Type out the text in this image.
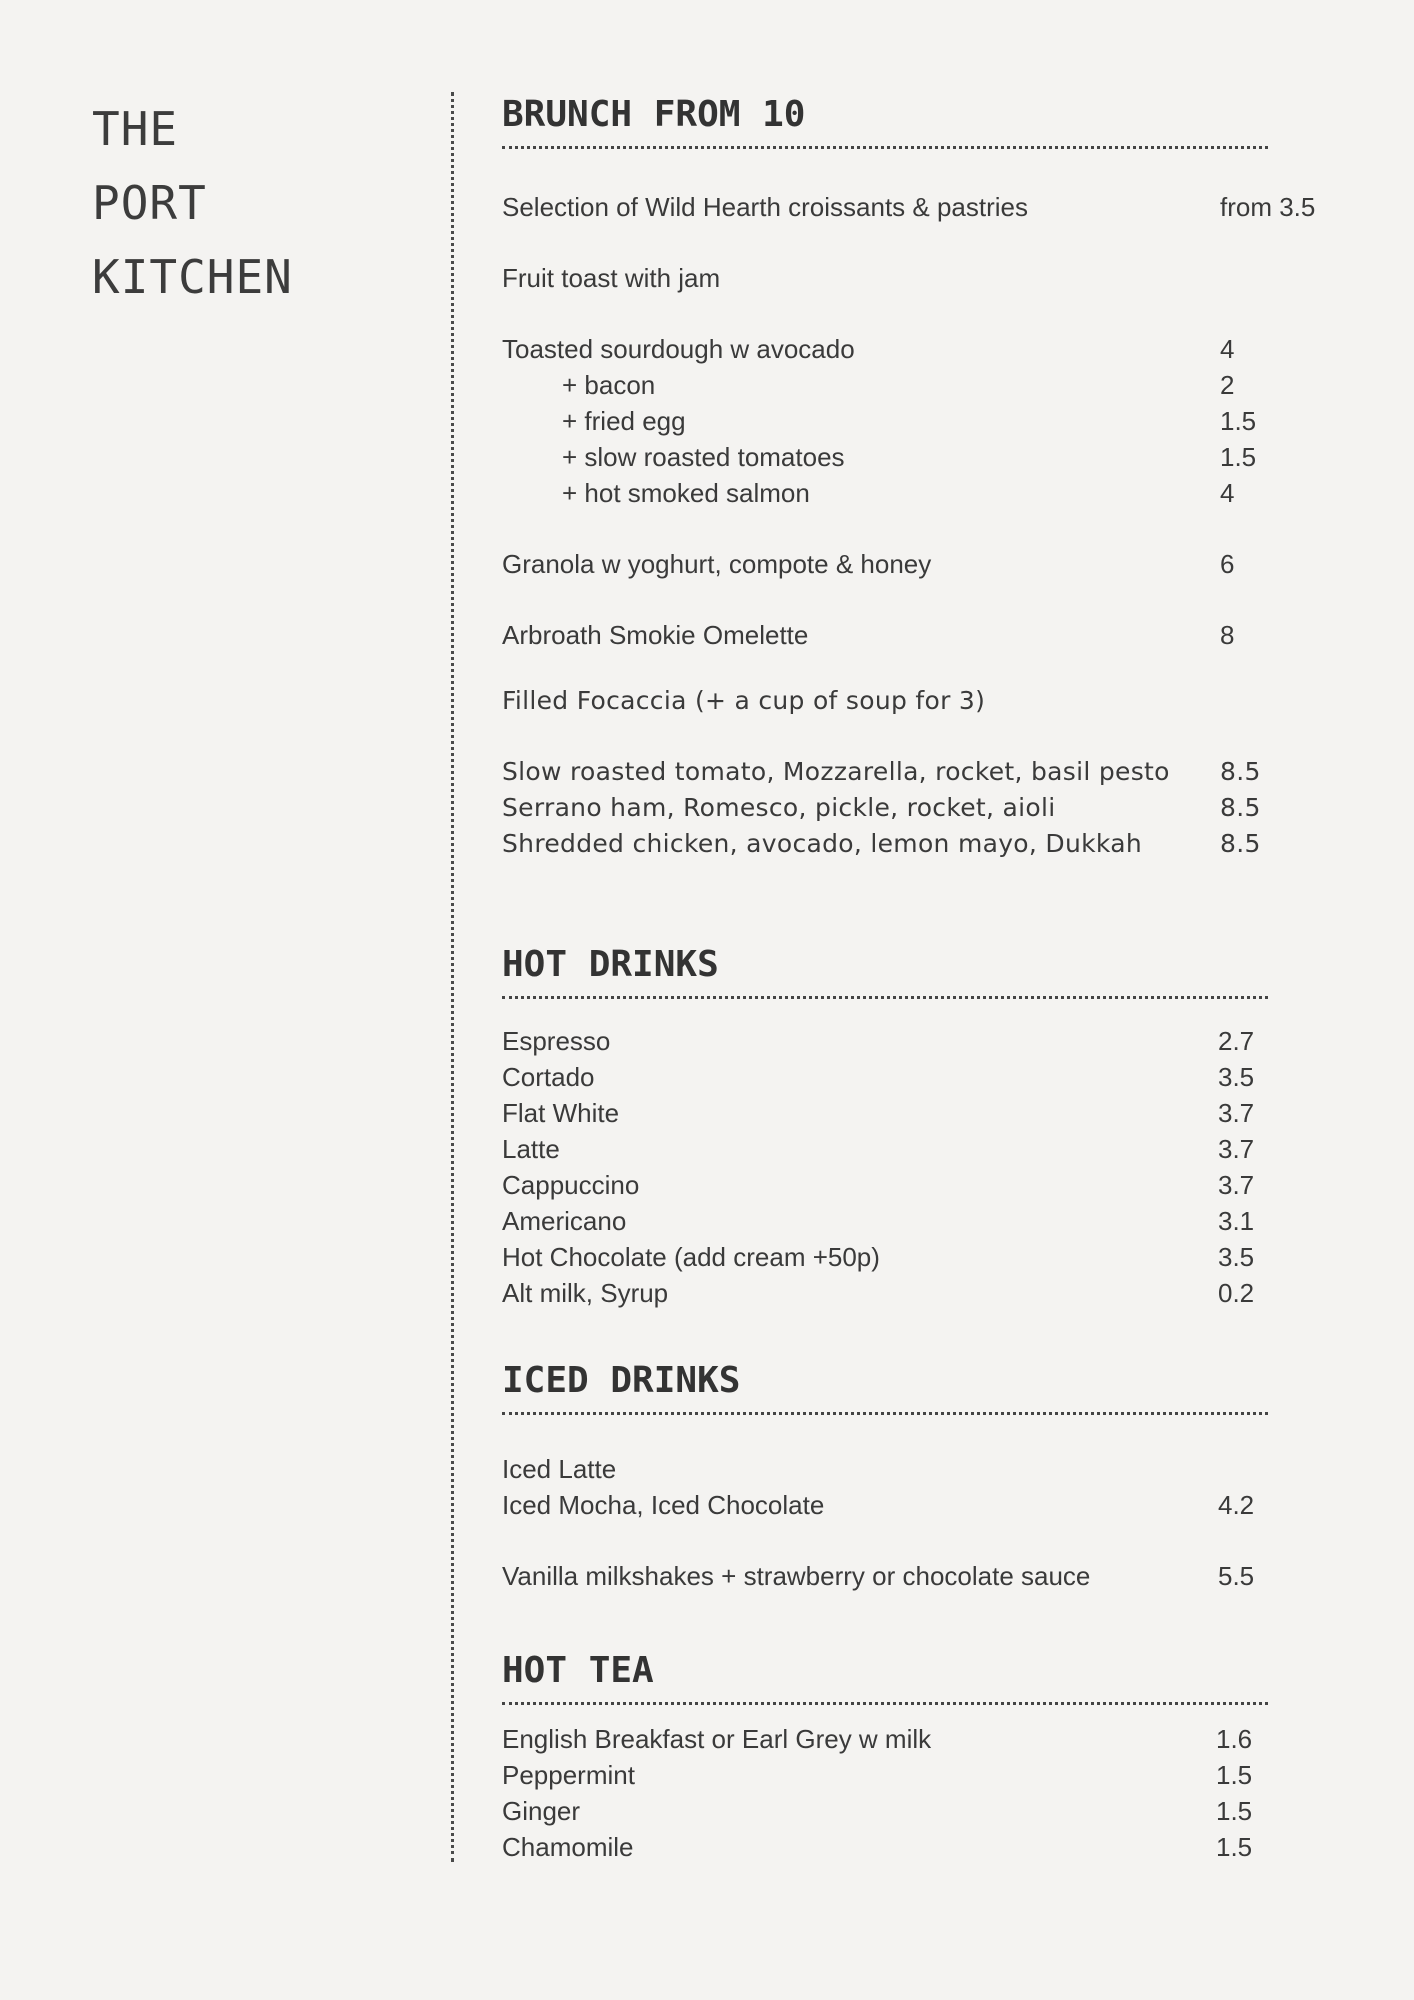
THE
PORT
KITCHEN
BRUNCH FROM 10
Selection of Wild Hearth croissants & pastries	from 3.5
Fruit toast with jam
Toasted sourdough w avocado	4
+ bacon	2
+ fried egg	1.5
+ slow roasted tomatoes	1.5
+ hot smoked salmon	4
Granola w yoghurt, compote & honey	6
Arbroath Smokie Omelette	8
Filled Focaccia (+ a cup of soup for 3)
Slow roasted tomato, Mozzarella, rocket, basil pesto 8.5
Serrano ham, Romesco, pickle, rocket, aioli	8.5
Shredded chicken, avocado, lemon mayo, Dukkah	8.5
HOT DRINKS
Espresso	2.7
Cortado	3.5
Flat White	3.7
Latte	3.7
Cappuccino	3.7
Americano	3.1
Hot Chocolate (add cream +50p)	3.5
Alt milk, Syrup	0.2
ICED DRINKS
Iced Latte
Iced Mocha, Iced Chocolate	4.2
Vanilla milkshakes + strawberry or chocolate sauce	5.5
HOT TEA
English Breakfast or Earl Grey w milk	1.6
Peppermint	1.5
Ginger	1.5
Chamomile	1.5
